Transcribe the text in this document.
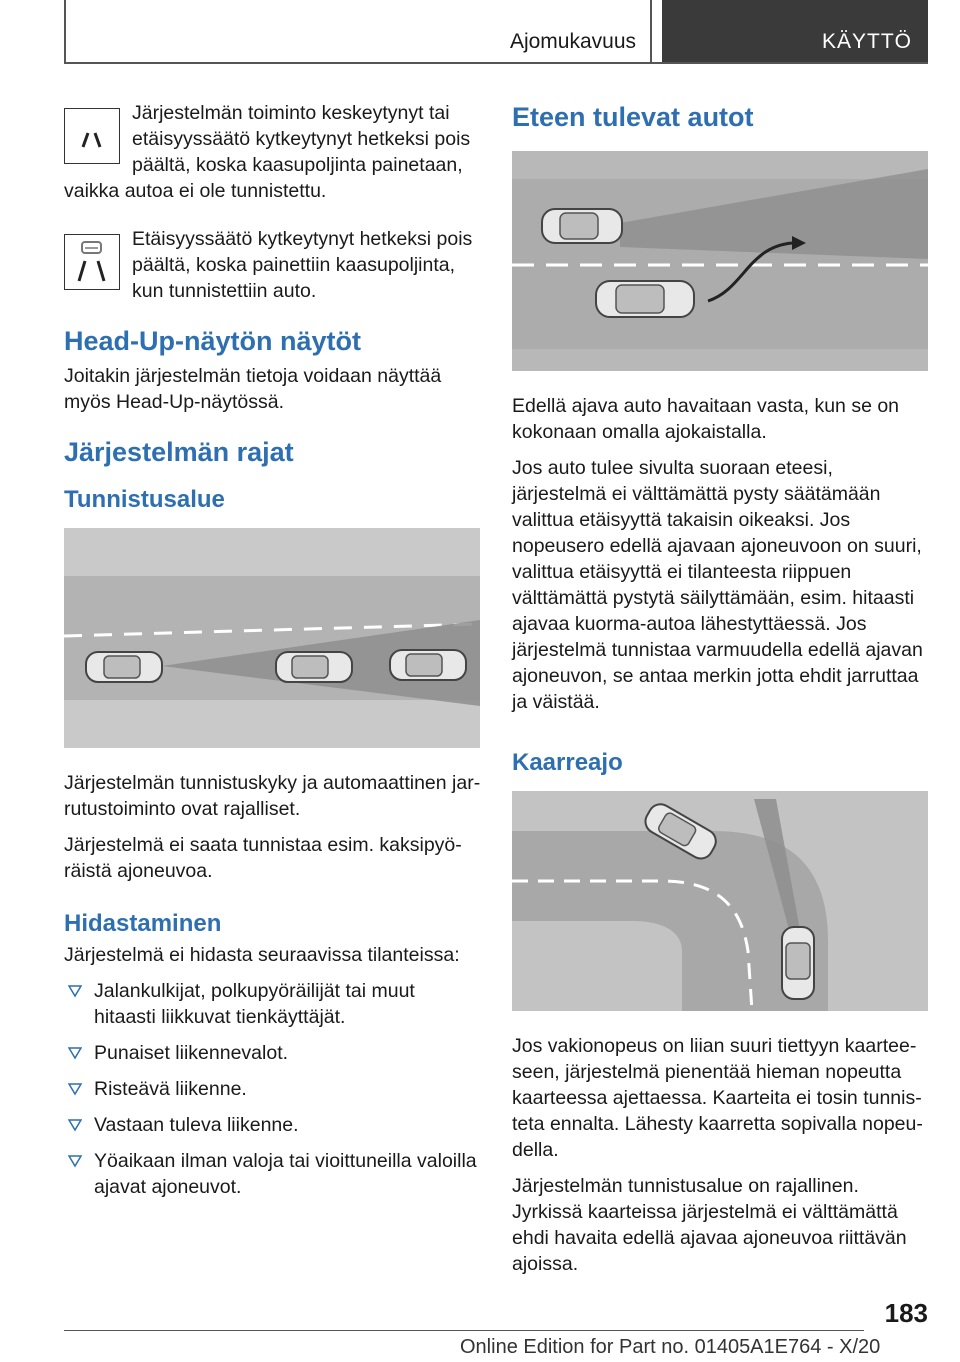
Ajomukavuus	KÄYTTÖ

Järjestelmän toiminto keskeytynyt tai etäisyyssäätö kytkeytynyt hetkeksi pois päältä, koska kaasupoljinta painetaan, vaikka autoa ei ole tunnistettu.

Etäisyyssäätö kytkeytynyt hetkeksi pois päältä, koska painettiin kaasupoljinta, kun tunnistettiin auto.

Head-Up-näytön näytöt

Joitakin järjestelmän tietoja voidaan näyttää myös Head-Up-näytössä.

Järjestelmän rajat
Tunnistusalue

Järjestelmän tunnistuskyky ja automaattinen jarrutustoiminto ovat rajalliset.

Järjestelmä ei saata tunnistaa esim. kaksipyöräistä ajoneuvoa.

Hidastaminen

Järjestelmä ei hidasta seuraavissa tilanteissa:

Jalankulkijat, polkupyöräilijät tai muut hitaasti liikkuvat tienkäyttäjät.
Punaiset liikennevalot.
Risteävä liikenne.
Vastaan tuleva liikenne.
Yöaikaan ilman valoja tai vioittuneilla valoilla ajavat ajoneuvot.
Eteen tulevat autot

Edellä ajava auto havaitaan vasta, kun se on kokonaan omalla ajokaistalla.

Jos auto tulee sivulta suoraan eteesi, järjestelmä ei välttämättä pysty säätämään valittua etäisyyttä takaisin oikeaksi. Jos nopeusero edellä ajavaan ajoneuvoon on suuri, valittua etäisyyttä ei tilanteesta riippuen välttämättä pystytä säilyttämään, esim. hitaasti ajavaa kuorma-autoa lähestyttäessä. Jos järjestelmä tunnistaa varmuudella edellä ajavan ajoneuvon, se antaa merkin jotta ehdit jarruttaa ja väistää.

Kaarreajo

Jos vakionopeus on liian suuri tiettyyn kaarteeseen, järjestelmä pienentää hieman nopeutta kaarteessa ajettaessa. Kaarteita ei tosin tunnisteta ennalta. Lähesty kaarretta sopivalla nopeudella.

Järjestelmän tunnistusalue on rajallinen. Jyrkissä kaarteissa järjestelmä ei välttämättä ehdi havaita edellä ajavaa ajoneuvoa riittävän ajoissa.

183
Online Edition for Part no. 01405A1E764 - X/20
